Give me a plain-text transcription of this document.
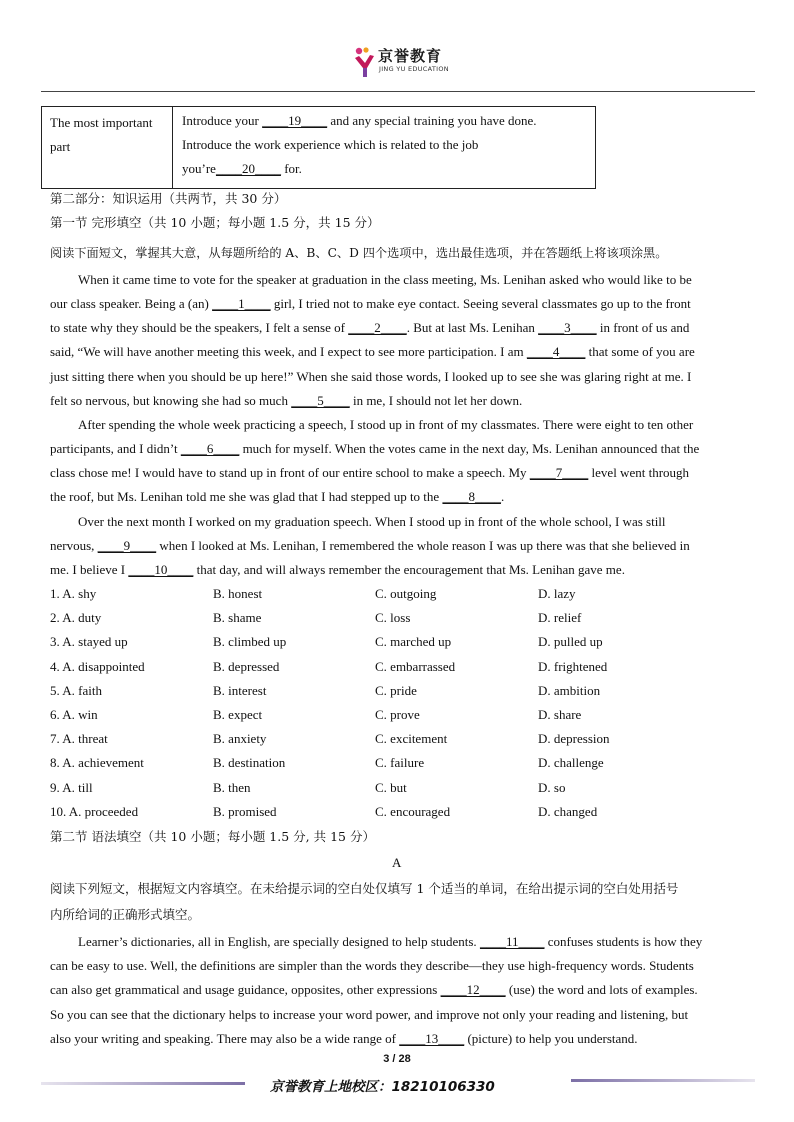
京誉教育
JING YU EDUCATION
The most important
part
Introduce your ____19____ and any special training you have done.
Introduce the work experience which is related to the job
you’re____20____ for.
第二部分：知识运用（共两节，共 30 分）
第一节 完形填空（共 10 小题；每小题 1.5 分，共 15 分）
阅读下面短文，掌握其大意，从每题所给的 A、B、C、D 四个选项中，选出最佳选项，并在答题纸上将该项涂黑。
When it came time to vote for the speaker at graduation in the class meeting, Ms. Lenihan asked who would like to be
our class speaker. Being a (an) ____1____ girl, I tried not to make eye contact. Seeing several classmates go up to the front
to state why they should be the speakers, I felt a sense of ____2____. But at last Ms. Lenihan ____3____ in front of us and
said, “We will have another meeting this week, and I expect to see more participation. I am ____4____ that some of you are
just sitting there when you should be up here!” When she said those words, I looked up to see she was glaring right at me. I
felt so nervous, but knowing she had so much ____5____ in me, I should not let her down.
After spending the whole week practicing a speech, I stood up in front of my classmates. There were eight to ten other
participants, and I didn’t ____6____ much for myself. When the votes came in the next day, Ms. Lenihan announced that the
class chose me! I would have to stand up in front of our entire school to make a speech. My ____7____ level went through
the roof, but Ms. Lenihan told me she was glad that I had stepped up to the ____8____.
Over the next month I worked on my graduation speech. When I stood up in front of the whole school, I was still
nervous, ____9____ when I looked at Ms. Lenihan, I remembered the whole reason I was up there was that she believed in
me. I believe I ____10____ that day, and will always remember the encouragement that Ms. Lenihan gave me.
1. A. shy	B. honest	C. outgoing	D. lazy
2. A. duty	B. shame	C. loss	D. relief
3. A. stayed up	B. climbed up	C. marched up	D. pulled up
4. A. disappointed	B. depressed	C. embarrassed	D. frightened
5. A. faith	B. interest	C. pride	D. ambition
6. A. win	B. expect	C. prove	D. share
7. A. threat	B. anxiety	C. excitement	D. depression
8. A. achievement	B. destination	C. failure	D. challenge
9. A. till	B. then	C. but	D. so
10. A. proceeded	B. promised	C. encouraged	D. changed
第二节 语法填空（共 10 小题；每小题 1.5 分, 共 15 分）
A
阅读下列短文，根据短文内容填空。在未给提示词的空白处仅填写 1 个适当的单词，在给出提示词的空白处用括号
内所给词的正确形式填空。
Learner’s dictionaries, all in English, are specially designed to help students. ____11____ confuses students is how they
can be easy to use. Well, the definitions are simpler than the words they describe—they use high-frequency words. Students
can also get grammatical and usage guidance, opposites, other expressions ____12____ (use) the word and lots of examples.
So you can see that the dictionary helps to increase your word power, and improve not only your reading and listening, but
also your writing and speaking. There may also be a wide range of ____13____ (picture) to help you understand.
3 / 28
京誉教育上地校区：18210106330
